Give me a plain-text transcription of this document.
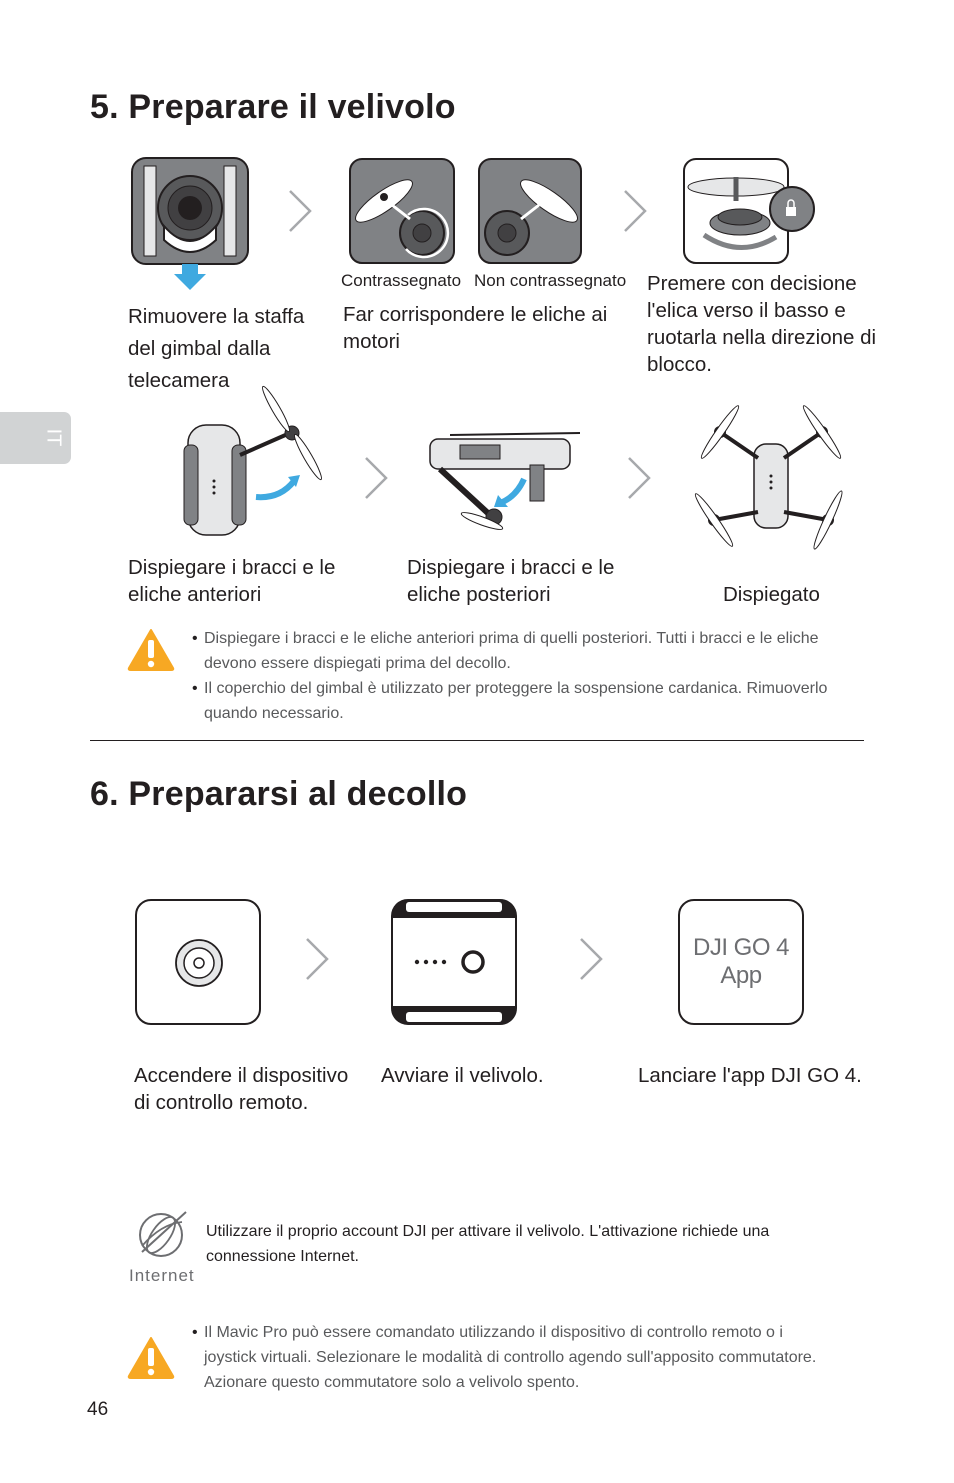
5. Preparare il velivolo
Contrassegnato Non contrassegnato
Rimuovere la staffa del gimbal dalla telecamera
Far corrispondere le eliche ai motori
Premere con decisione l'elica verso il basso e ruotarla nella direzione di blocco.
IT
Dispiegare i bracci e le eliche anteriori
Dispiegare i bracci e le eliche posteriori	Dispiegato
• Dispiegare i bracci e le eliche anteriori prima di quelli posteriori. Tutti i bracci e le eliche devono essere dispiegati prima del decollo.
• Il coperchio del gimbal è utilizzato per proteggere la sospensione cardanica. Rimuoverlo quando necessario.
6. Prepararsi al decollo
DJI GO 4
App
Accendere il dispositivo di controllo remoto.
Avviare il velivolo.	Lanciare l'app DJI GO 4.
Internet
Utilizzare il proprio account DJI per attivare il velivolo. L'attivazione richiede una connessione Internet.
• Il Mavic Pro può essere comandato utilizzando il dispositivo di controllo remoto o i joystick virtuali. Selezionare le modalità di controllo agendo sull'apposito commutatore. Azionare questo commutatore solo a velivolo spento.
46
